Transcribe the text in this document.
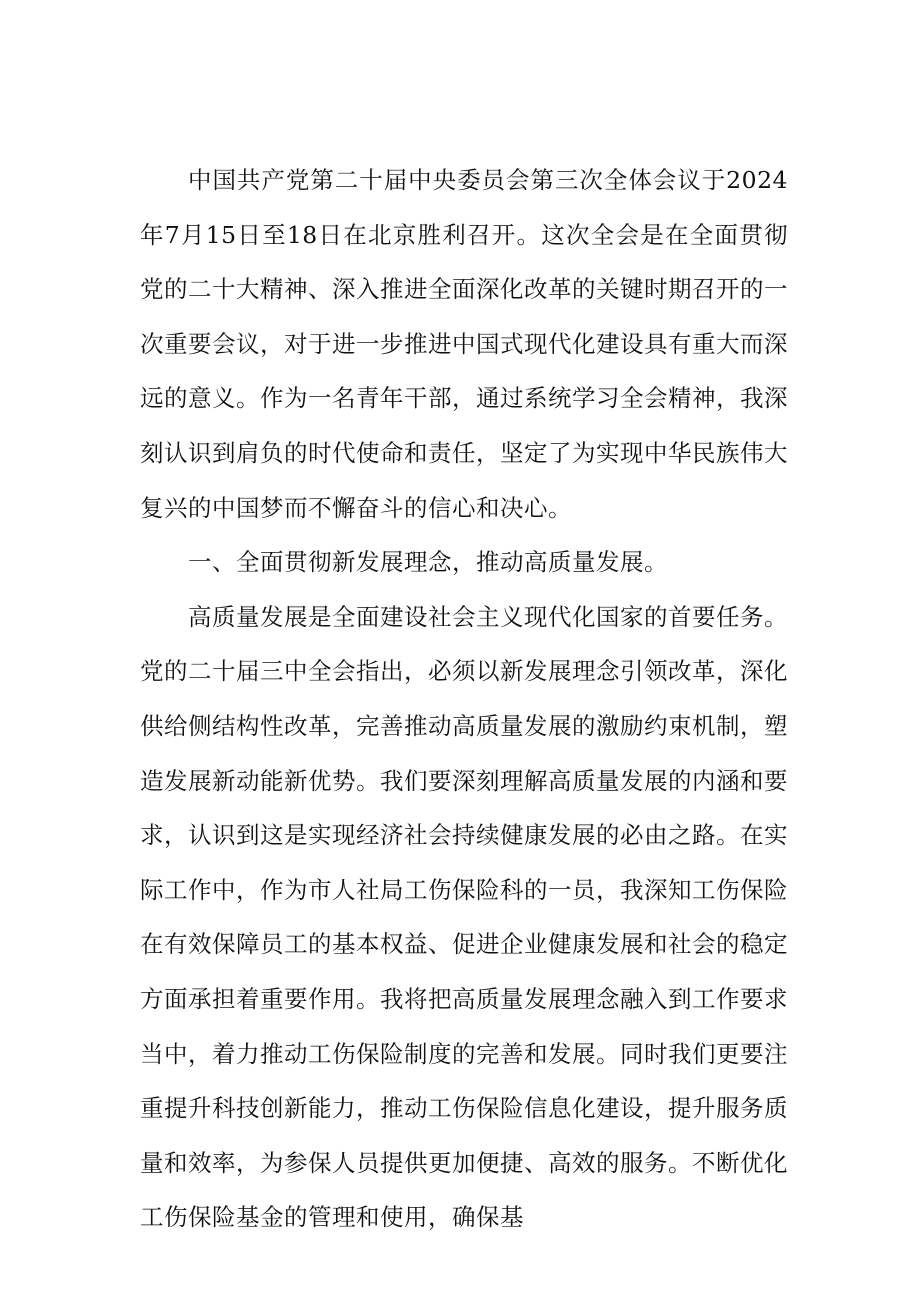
中国共产党第二十届中央委员会第三次全体会议于2024年7月15日至18日在北京胜利召开。这次全会是在全面贯彻党的二十大精神、深入推进全面深化改革的关键时期召开的一次重要会议，对于进一步推进中国式现代化建设具有重大而深远的意义。作为一名青年干部，通过系统学习全会精神，我深刻认识到肩负的时代使命和责任，坚定了为实现中华民族伟大复兴的中国梦而不懈奋斗的信心和决心。

一、全面贯彻新发展理念，推动高质量发展。

高质量发展是全面建设社会主义现代化国家的首要任务。党的二十届三中全会指出，必须以新发展理念引领改革，深化供给侧结构性改革，完善推动高质量发展的激励约束机制，塑造发展新动能新优势。我们要深刻理解高质量发展的内涵和要求，认识到这是实现经济社会持续健康发展的必由之路。在实际工作中，作为市人社局工伤保险科的一员，我深知工伤保险在有效保障员工的基本权益、促进企业健康发展和社会的稳定方面承担着重要作用。我将把高质量发展理念融入到工作要求当中，着力推动工伤保险制度的完善和发展。同时我们更要注重提升科技创新能力，推动工伤保险信息化建设，提升服务质量和效率，为参保人员提供更加便捷、高效的服务。不断优化工伤保险基金的管理和使用，确保基
